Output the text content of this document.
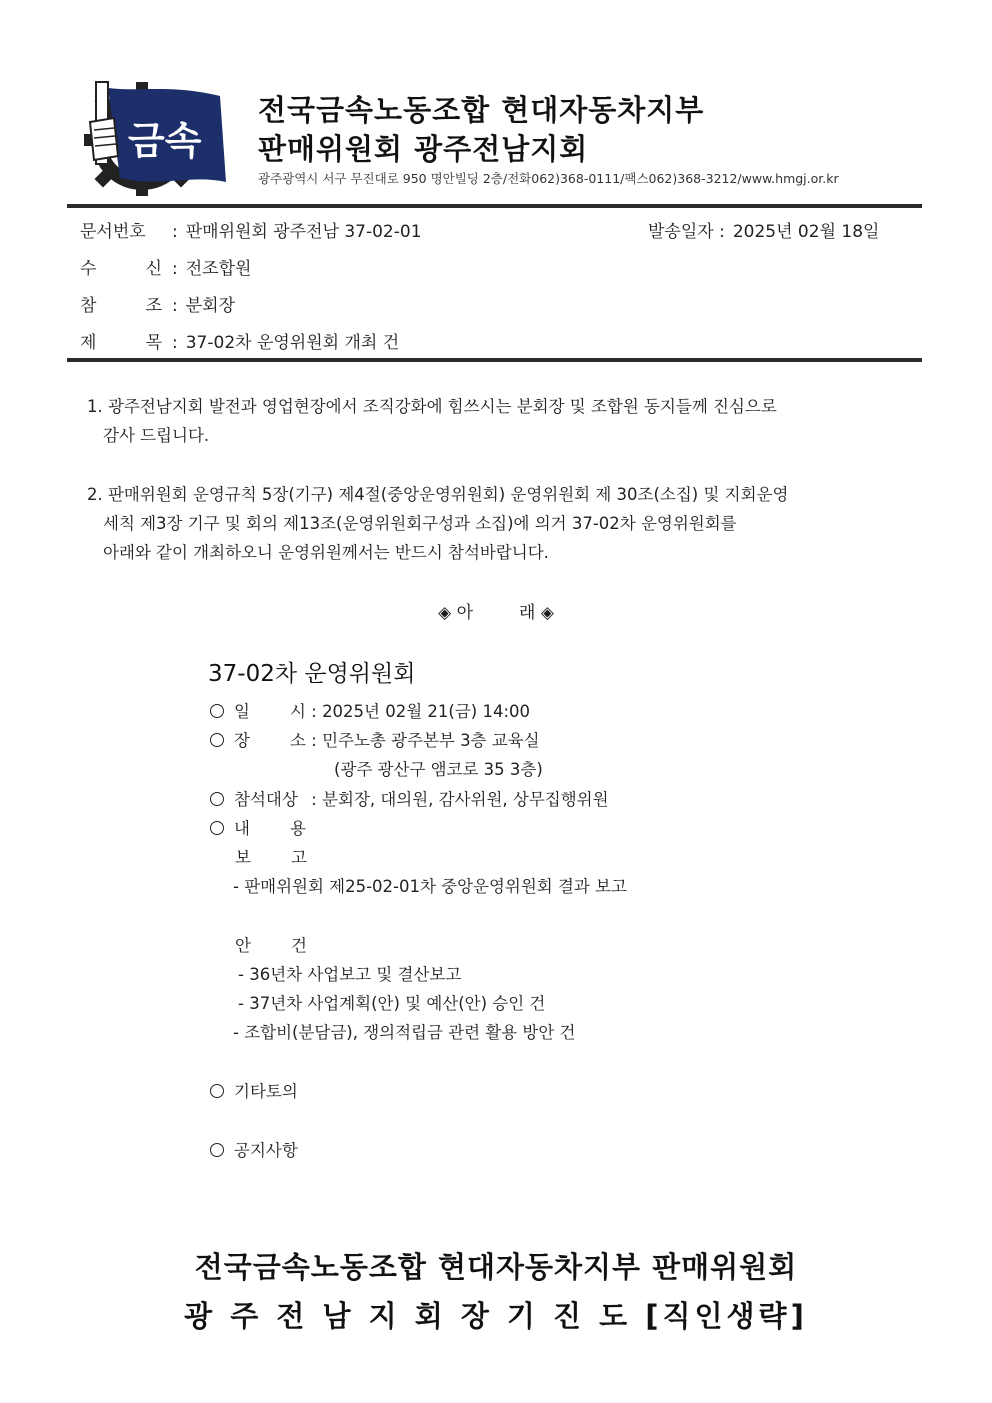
금속
전국금속노동조합 현대자동차지부
판매위원회 광주전남지회
광주광역시 서구 무진대로 950 명안빌딩 2층/전화062)368-0111/팩스062)368-3212/www.hmgj.or.kr
문서번호 : 판매위원회 광주전남 37-02-01	발송일자 : 2025년 02월 18일
수 신 : 전조합원
참 조 : 분회장
제 목 : 37-02차 운영위원회 개최 건
1. 광주전남지회 발전과 영업현장에서 조직강화에 힘쓰시는 분회장 및 조합원 동지들께 진심으로
감사 드립니다.
2. 판매위원회 운영규칙 5장(기구) 제4절(중앙운영위원회) 운영위원회 제 30조(소집) 및 지회운영
세칙 제3장 기구 및 회의 제13조(운영위원회구성과 소집)에 의거 37-02차 운영위원회를
아래와 같이 개최하오니 운영위원께서는 반드시 참석바랍니다.
◈ 아	래 ◈
37-02차 운영위원회
일 시 : 2025년 02월 21(금) 14:00
장 소 : 민주노총 광주본부 3층 교육실
(광주 광산구 앰코로 35 3층)
참석대상 : 분회장, 대의원, 감사위원, 상무집행위원
내 용
보 고
- 판매위원회 제25-02-01차 중앙운영위원회 결과 보고
안 건
- 36년차 사업보고 및 결산보고
- 37년차 사업계획(안) 및 예산(안) 승인 건
- 조합비(분담금), 쟁의적립금 관련 활용 방안 건
기타토의
공지사항
전국금속노동조합 현대자동차지부 판매위원회
광 주 전 남 지 회 장 기 진 도 [직인생략]
